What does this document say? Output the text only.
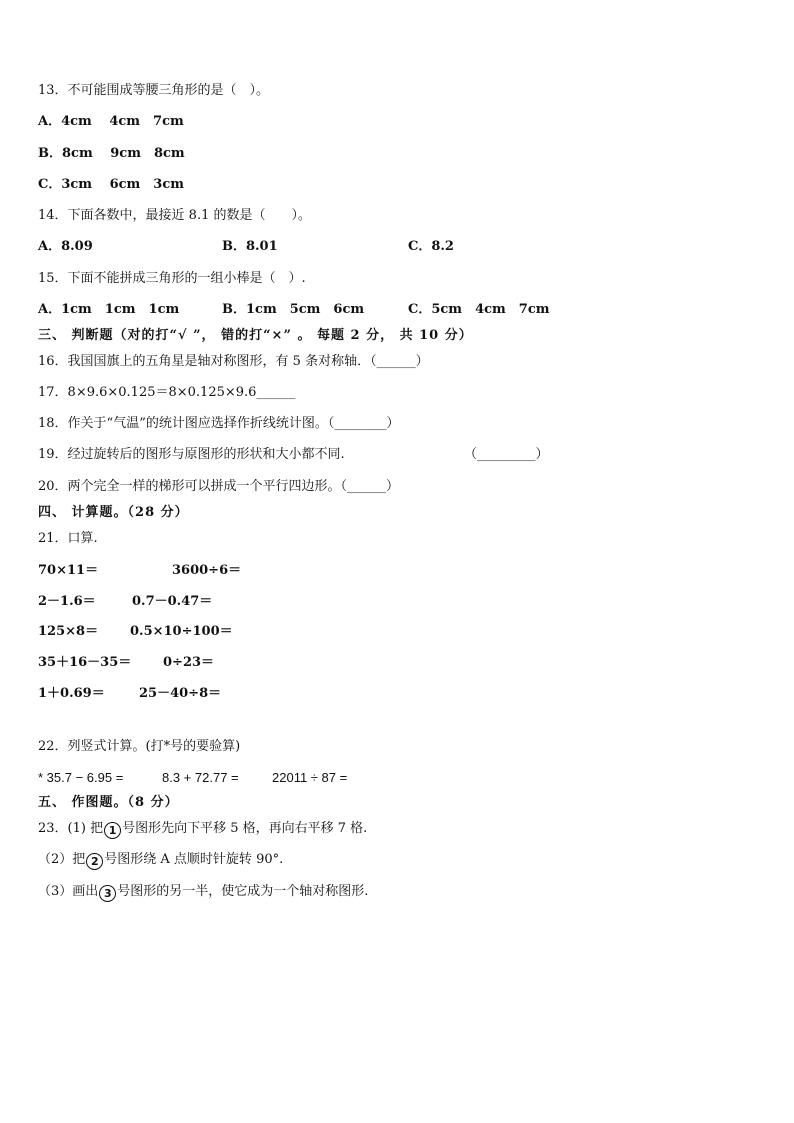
13．不可能围成等腰三角形的是（　）。
A．4cm　 4cm　7cm
B．8cm　 9cm　8cm
C．3cm　 6cm　3cm
14．下面各数中，最接近 8.1 的数是（　　）。
A．8.09	B．8.01	C．8.2
15．下面不能拼成三角形的一组小棒是（　）.
A．1cm　1cm　1cm	B．1cm　5cm　6cm	C．5cm　4cm　7cm
三、 判断题（对的打“√ ”， 错的打“×” 。 每题 2 分， 共 10 分）
16．我国国旗上的五角星是轴对称图形，有 5 条对称轴．（______）
17．8×9.6×0.125＝8×0.125×9.6______
18．作关于“气温”的统计图应选择作折线统计图。（________）
19．经过旋转后的图形与原图形的形状和大小都不同.	（_________）
20．两个完全一样的梯形可以拼成一个平行四边形。（______）
四、 计算题。（28 分）
21．口算.
70×11＝	3600÷6＝
2－1.6＝	0.7－0.47＝
125×8＝ 0.5×10÷100＝
35＋16－35＝ 0÷23＝
1＋0.69＝	25－40÷8＝
22．列竖式计算。(打*号的要验算)
* 35.7 − 6.95 =	8.3 + 72.77 =	22011 ÷ 87 =
五、 作图题。（8 分）
23．(1) 把 1 号图形先向下平移 5 格，再向右平移 7 格.
（2）把 2 号图形绕 A 点顺时针旋转 90°.
（3）画出 3 号图形的另一半，使它成为一个轴对称图形.
